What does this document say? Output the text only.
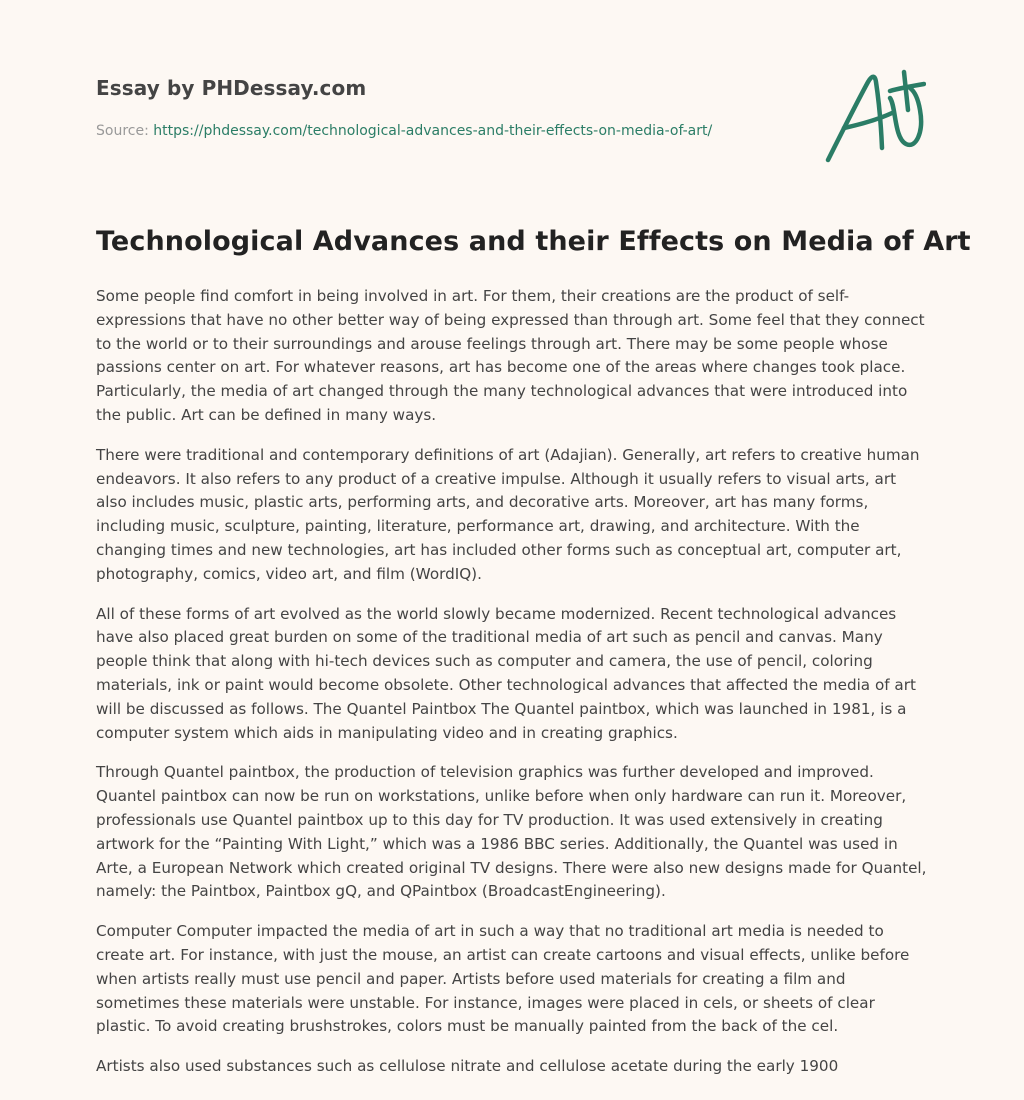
Essay by PHDessay.com
Source: https://phdessay.com/technological-advances-and-their-effects-on-media-of-art/
Technological Advances and their Effects on Media of Art

Some people find comfort in being involved in art. For them, their creations are the product of self-expressions that have no other better way of being expressed than through art. Some feel that they connect to the world or to their surroundings and arouse feelings through art. There may be some people whose passions center on art. For whatever reasons, art has become one of the areas where changes took place. Particularly, the media of art changed through the many technological advances that were introduced into the public. Art can be defined in many ways.

There were traditional and contemporary definitions of art (Adajian). Generally, art refers to creative human endeavors. It also refers to any product of a creative impulse. Although it usually refers to visual arts, art also includes music, plastic arts, performing arts, and decorative arts. Moreover, art has many forms, including music, sculpture, painting, literature, performance art, drawing, and architecture. With the changing times and new technologies, art has included other forms such as conceptual art, computer art, photography, comics, video art, and film (WordIQ).

All of these forms of art evolved as the world slowly became modernized. Recent technological advances have also placed great burden on some of the traditional media of art such as pencil and canvas. Many people think that along with hi-tech devices such as computer and camera, the use of pencil, coloring materials, ink or paint would become obsolete. Other technological advances that affected the media of art will be discussed as follows. The Quantel Paintbox The Quantel paintbox, which was launched in 1981, is a computer system which aids in manipulating video and in creating graphics.

Through Quantel paintbox, the production of television graphics was further developed and improved. Quantel paintbox can now be run on workstations, unlike before when only hardware can run it. Moreover, professionals use Quantel paintbox up to this day for TV production. It was used extensively in creating artwork for the “Painting With Light,” which was a 1986 BBC series. Additionally, the Quantel was used in Arte, a European Network which created original TV designs. There were also new designs made for Quantel, namely: the Paintbox, Paintbox gQ, and QPaintbox (BroadcastEngineering).

Computer Computer impacted the media of art in such a way that no traditional art media is needed to create art. For instance, with just the mouse, an artist can create cartoons and visual effects, unlike before when artists really must use pencil and paper. Artists before used materials for creating a film and sometimes these materials were unstable. For instance, images were placed in cels, or sheets of clear plastic. To avoid creating brushstrokes, colors must be manually painted from the back of the cel.

Artists also used substances such as cellulose nitrate and cellulose acetate during the early 1900
